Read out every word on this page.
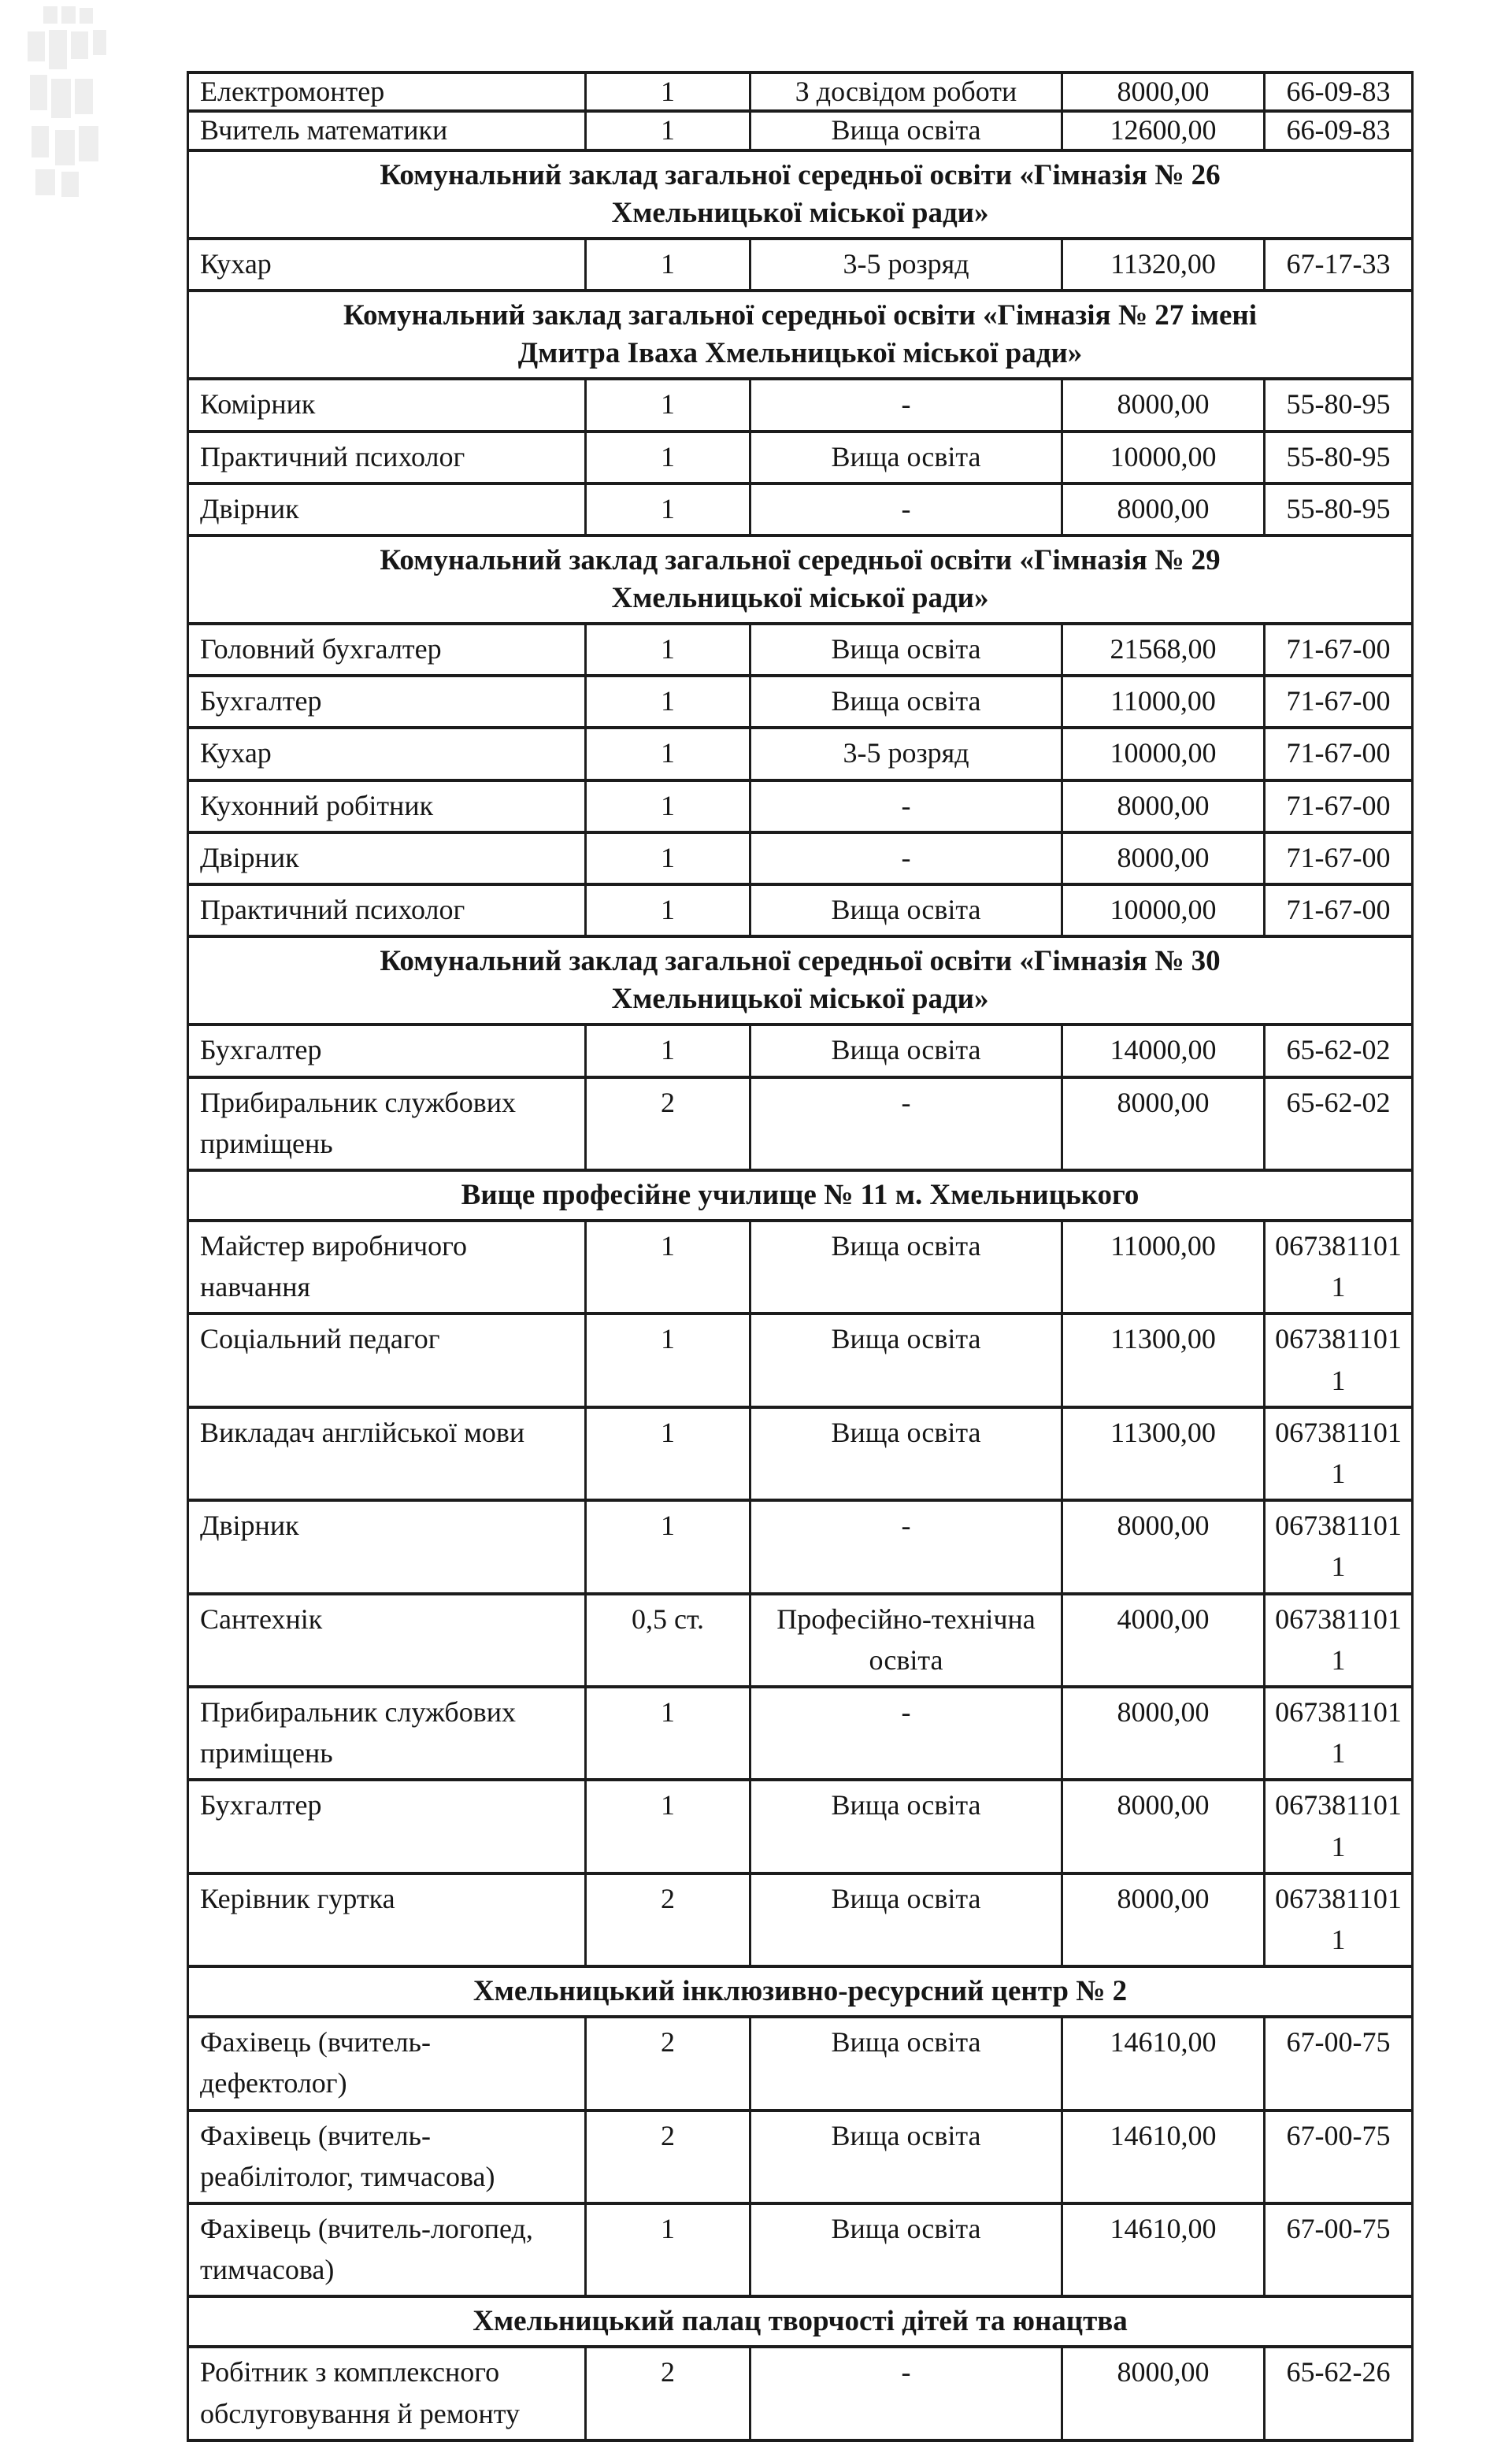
Електромонтер	1	З досвідом роботи	8000,00	66-09-83
Вчитель математики	1	Вища освіта	12600,00	66-09-83
Комунальний заклад загальної середньої освіти «Гімназія № 26 Хмельницької міської ради»				
Кухар	1	3-5 розряд	11320,00	67-17-33
Комунальний заклад загальної середньої освіти «Гімназія № 27 імені Дмитра Іваха Хмельницької міської ради»				
Комірник	1	-	8000,00	55-80-95
Практичний психолог	1	Вища освіта	10000,00	55-80-95
Двірник	1	-	8000,00	55-80-95
Комунальний заклад загальної середньої освіти «Гімназія № 29 Хмельницької міської ради»				
Головний бухгалтер	1	Вища освіта	21568,00	71-67-00
Бухгалтер	1	Вища освіта	11000,00	71-67-00
Кухар	1	3-5 розряд	10000,00	71-67-00
Кухонний робітник	1	-	8000,00	71-67-00
Двірник	1	-	8000,00	71-67-00
Практичний психолог	1	Вища освіта	10000,00	71-67-00
Комунальний заклад загальної середньої освіти «Гімназія № 30 Хмельницької міської ради»				
Бухгалтер	1	Вища освіта	14000,00	65-62-02
Прибиральник службових приміщень	2	-	8000,00	65-62-02
Вище професійне училище № 11 м. Хмельницького				
Майстер виробничого навчання	1	Вища освіта	11000,00	0673811011
Соціальний педагог	1	Вища освіта	11300,00	0673811011
Викладач англійської мови	1	Вища освіта	11300,00	0673811011
Двірник	1	-	8000,00	0673811011
Сантехнік	0,5 ст.	Професійно-технічна освіта	4000,00	0673811011
Прибиральник службових приміщень	1	-	8000,00	0673811011
Бухгалтер	1	Вища освіта	8000,00	0673811011
Керівник гуртка	2	Вища освіта	8000,00	0673811011
Хмельницький інклюзивно-ресурсний центр № 2				
Фахівець (вчитель-дефектолог)	2	Вища освіта	14610,00	67-00-75
Фахівець (вчитель-реабілітолог, тимчасова)	2	Вища освіта	14610,00	67-00-75
Фахівець (вчитель-логопед, тимчасова)	1	Вища освіта	14610,00	67-00-75
Хмельницький палац творчості дітей та юнацтва				
Робітник з комплексного обслуговування й ремонту	2	-	8000,00	65-62-26
